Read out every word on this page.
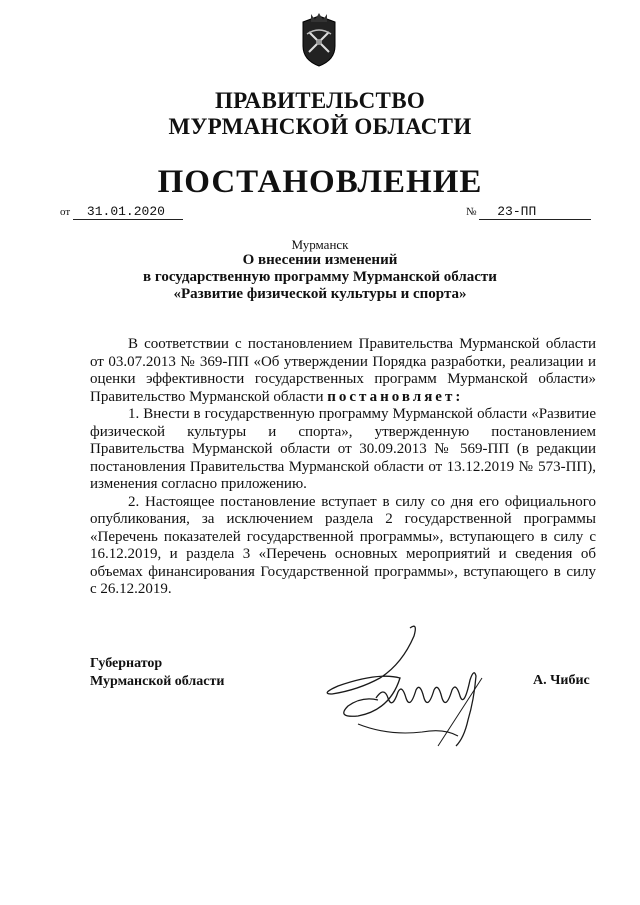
ПРАВИТЕЛЬСТВО
МУРМАНСКОЙ ОБЛАСТИ
ПОСТАНОВЛЕНИЕ
от 31.01.2020	№ 23-ПП
Мурманск
О внесении изменений
в государственную программу Мурманской области
«Развитие физической культуры и спорта»

В соответствии с постановлением Правительства Мурманской области от 03.07.2013 № 369-ПП «Об утверждении Порядка разработки, реализации и оценки эффективности государственных программ Мурманской области» Правительство Мурманской области постановляет:

1. Внести в государственную программу Мурманской области «Развитие физической культуры и спорта», утвержденную постановлением Правительства Мурманской области от 30.09.2013 № 569-ПП (в редакции постановления Правительства Мурманской области от 13.12.2019 № 573-ПП), изменения согласно приложению.

2. Настоящее постановление вступает в силу со дня его официального опубликования, за исключением раздела 2 государственной программы «Перечень показателей государственной программы», вступающего в силу с 16.12.2019, и раздела 3 «Перечень основных мероприятий и сведения об объемах финансирования Государственной программы», вступающего в силу с 26.12.2019.

Губернатор
Мурманской области	А. Чибис
